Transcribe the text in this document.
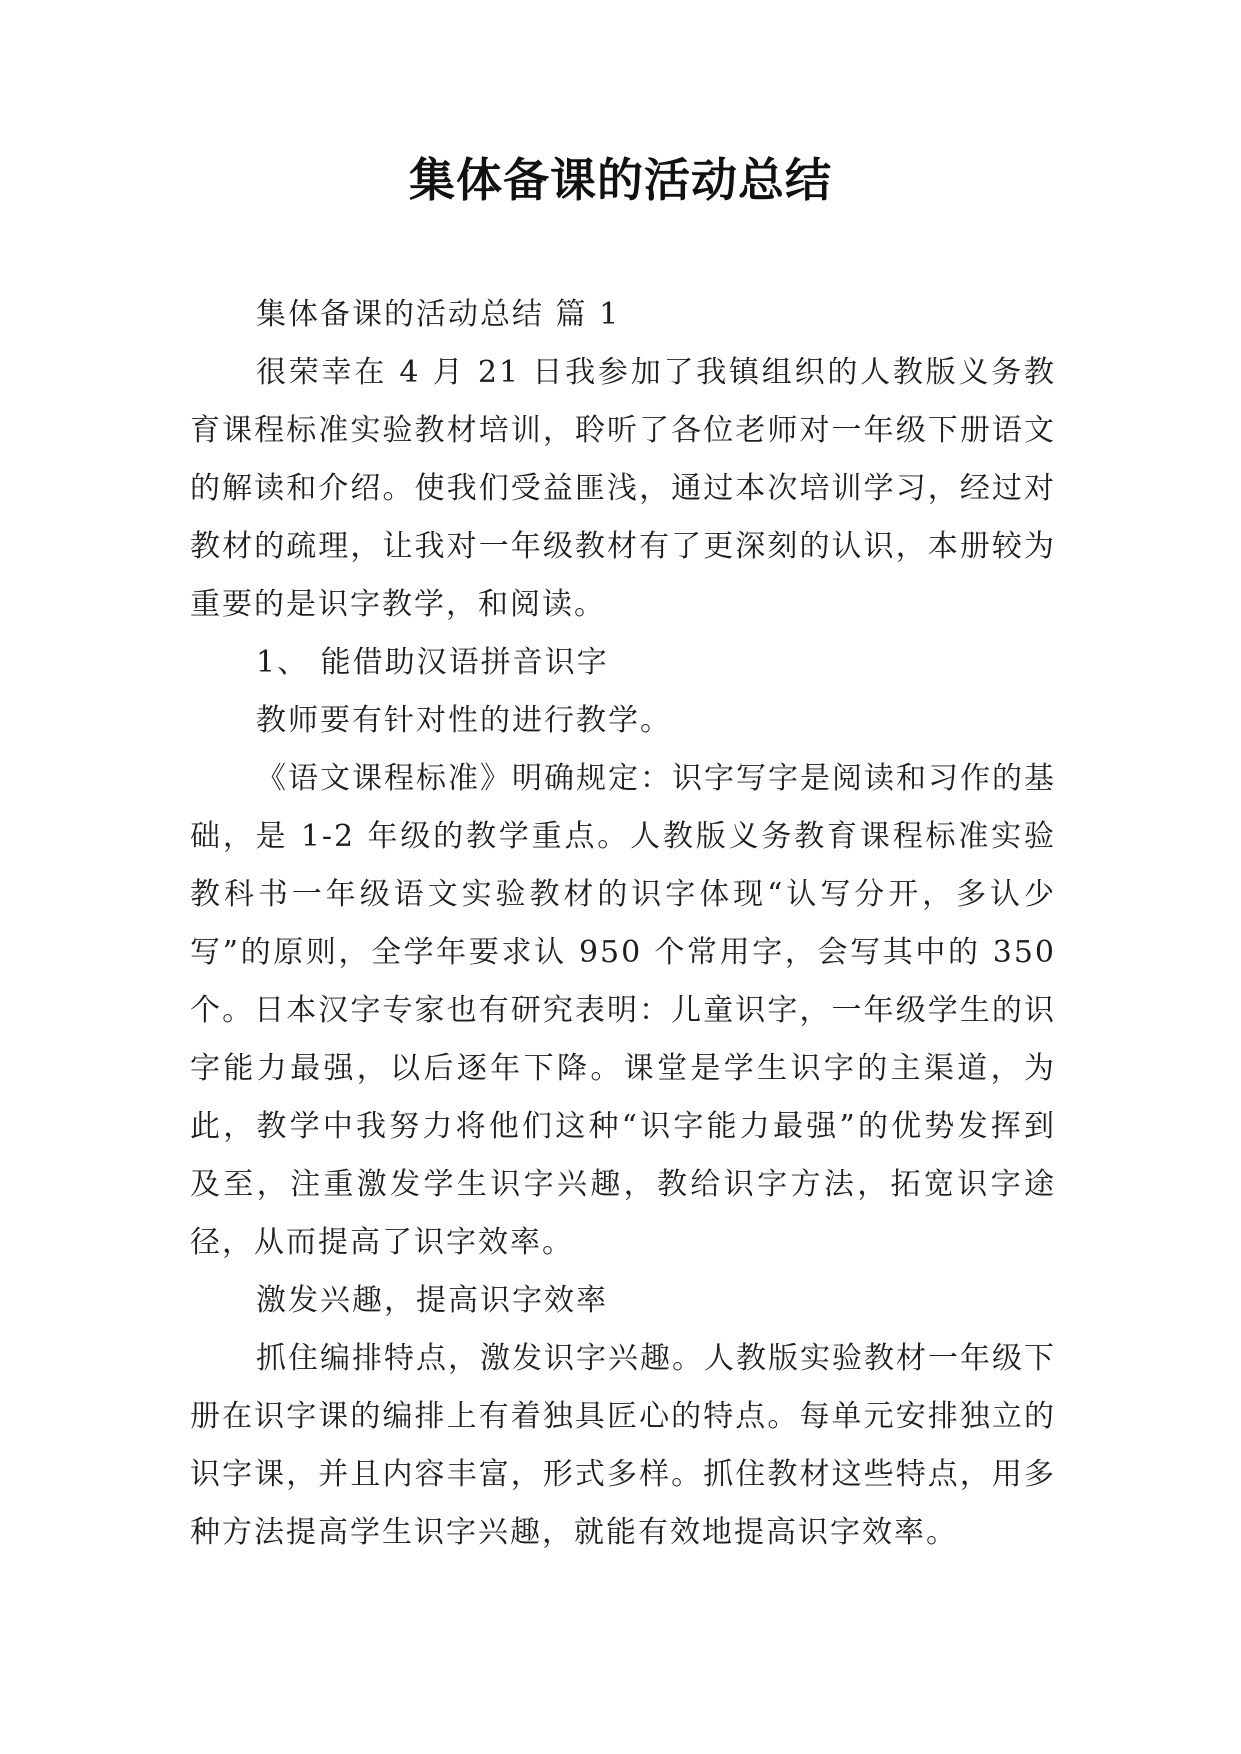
集体备课的活动总结

集体备课的活动总结 篇 1

很荣幸在 4 月 21 日我参加了我镇组织的人教版义务教育课程标准实验教材培训，聆听了各位老师对一年级下册语文的解读和介绍。使我们受益匪浅，通过本次培训学习，经过对教材的疏理，让我对一年级教材有了更深刻的认识，本册较为重要的是识字教学，和阅读。

1、 能借助汉语拼音识字

教师要有针对性的进行教学。

《语文课程标准》明确规定：识字写字是阅读和习作的基础，是 1-2 年级的教学重点。人教版义务教育课程标准实验教科书一年级语文实验教材的识字体现“认写分开，多认少写”的原则，全学年要求认 950 个常用字，会写其中的 350 个。日本汉字专家也有研究表明：儿童识字，一年级学生的识字能力最强，以后逐年下降。课堂是学生识字的主渠道，为此，教学中我努力将他们这种“识字能力最强”的优势发挥到及至，注重激发学生识字兴趣，教给识字方法，拓宽识字途径，从而提高了识字效率。

激发兴趣，提高识字效率

抓住编排特点，激发识字兴趣。人教版实验教材一年级下册在识字课的编排上有着独具匠心的特点。每单元安排独立的识字课，并且内容丰富，形式多样。抓住教材这些特点，用多种方法提高学生识字兴趣，就能有效地提高识字效率。
